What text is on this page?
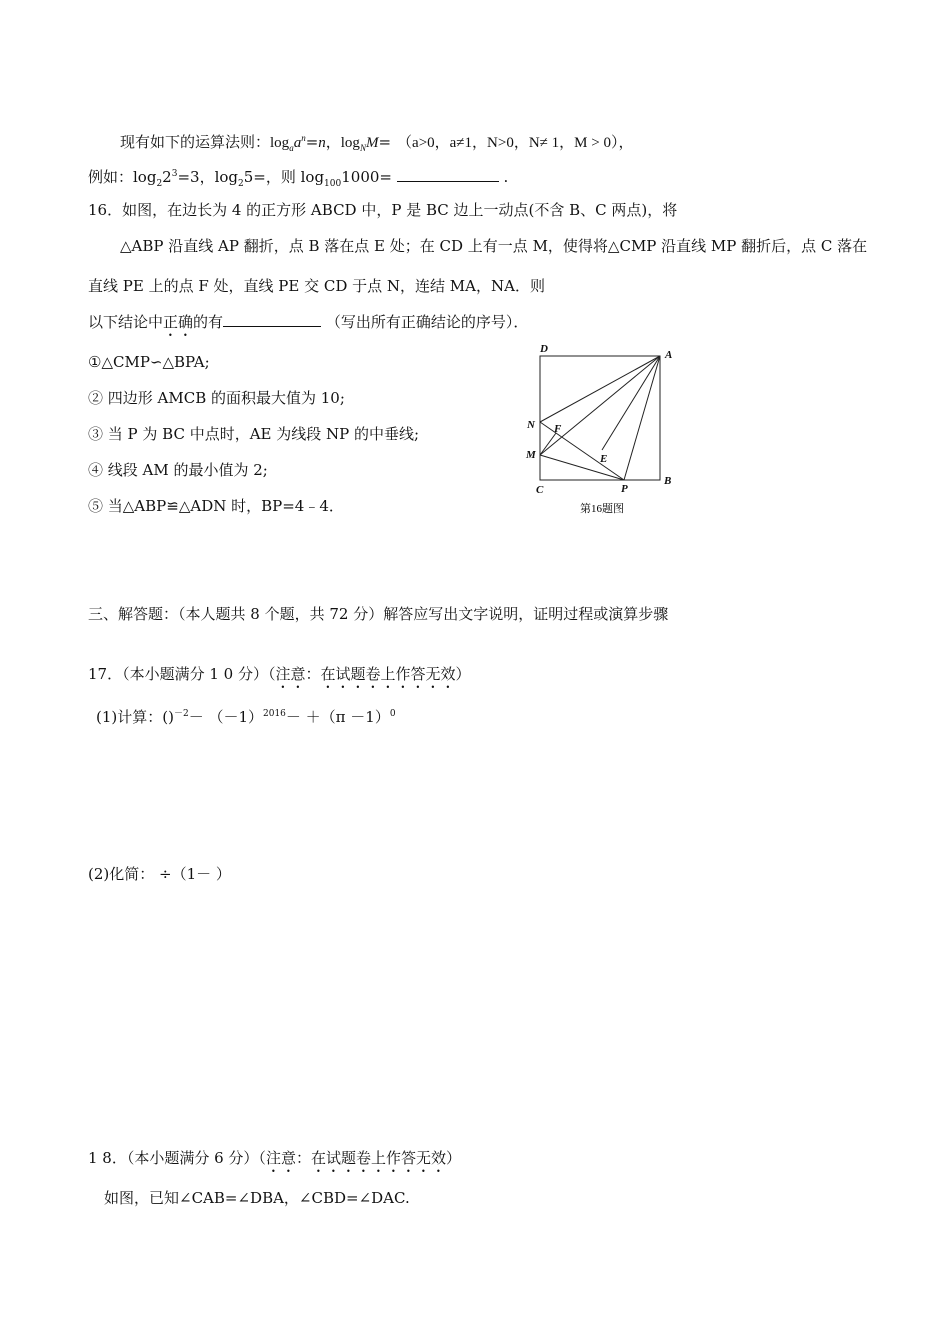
现有如下的运算法则：$\log_aa^n=n$，$\log_NM= (a>0$，a≠1，N>0，N≠ 1，M > 0），
例如：$\log_22^3=3$，$\log_25=$，则 $\log_{100}1000=$	.
16．如图，在边长为 4 的正方形 ABCD 中，P 是 BC 边上一动点(不含 B、C 两点)，将
△ABP 沿直线 AP 翻折，点 B 落在点 E 处；在 CD 上有一点 M，使得将△CMP 沿直线 MP 翻折后，点 C 落在
直线 PE 上的点 F 处，直线 PE 交 CD 于点 N，连结 MA，NA．则
以下结论中正确的有	（写出所有正确结论的序号）．
①△CMP∽△BPA;
② 四边形 AMCB 的面积最大值为 10;
③ 当 P 为 BC 中点时，AE 为线段 NP 的中垂线;
④ 线段 AM 的最小值为 2;
⑤ 当△ABP≌△ADN 时，BP=4﹣4．
D	A
N F
M	E
C	P
B
第16题图
三、解答题：（本人题共 8 个题，共 72 分）解答应写出文字说明，证明过程或演算步骤
17．（本小题满分 1 0 分）（注意：在试题卷上作答无效）
(1)计算：$()^{-2}- (-1)^{2016}- +(\pi -1)^0$
(2)化简： ÷（1－ ）
1 8．（本小题满分 6 分）（注意：在试题卷上作答无效）
如图，已知∠CAB=∠DBA，∠CBD=∠DAC.
